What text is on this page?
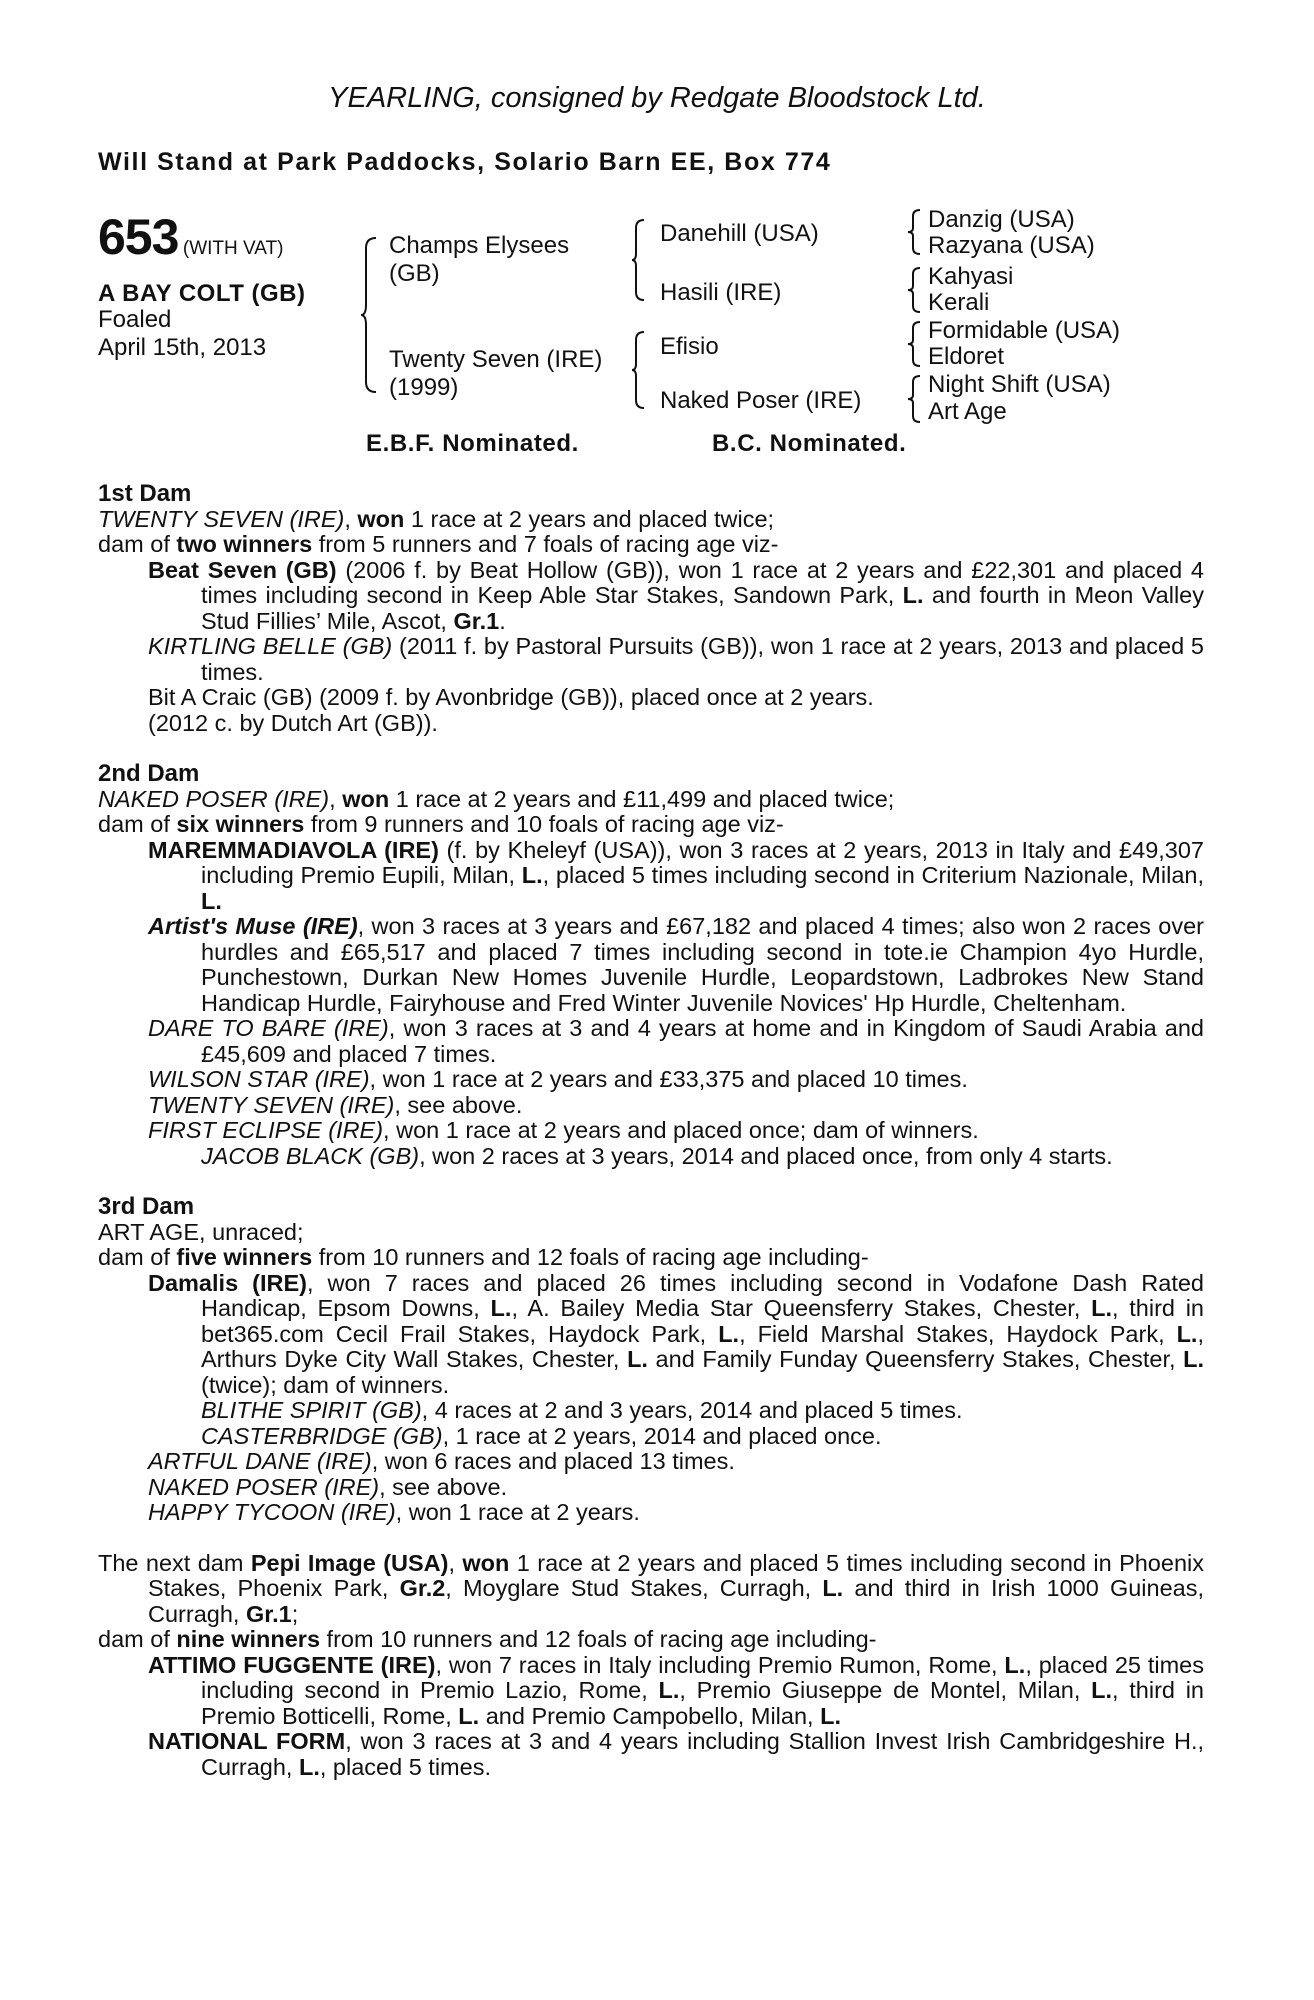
YEARLING, consigned by Redgate Bloodstock Ltd.
Will Stand at Park Paddocks, Solario Barn EE, Box 774
653 (WITH VAT)
A BAY COLT (GB)
Foaled
April 15th, 2013
Champs Elysees
(GB)
Twenty Seven (IRE)
(1999)
Danehill (USA)
Hasili (IRE)
Efisio
Naked Poser (IRE)
Danzig (USA)
Razyana (USA)
Kahyasi
Kerali
Formidable (USA)
Eldoret
Night Shift (USA)
Art Age
E.B.F. Nominated.	B.C. Nominated.

1st Dam

TWENTY SEVEN (IRE), won 1 race at 2 years and placed twice;

dam of two winners from 5 runners and 7 foals of racing age viz-

Beat Seven (GB) (2006 f. by Beat Hollow (GB)), won 1 race at 2 years and £22,301 and placed 4 times including second in Keep Able Star Stakes, Sandown Park, L. and fourth in Meon Valley Stud Fillies’ Mile, Ascot, Gr.1.

KIRTLING BELLE (GB) (2011 f. by Pastoral Pursuits (GB)), won 1 race at 2 years, 2013 and placed 5 times.

Bit A Craic (GB) (2009 f. by Avonbridge (GB)), placed once at 2 years.

(2012 c. by Dutch Art (GB)).

2nd Dam

NAKED POSER (IRE), won 1 race at 2 years and £11,499 and placed twice;

dam of six winners from 9 runners and 10 foals of racing age viz-

MAREMMADIAVOLA (IRE) (f. by Kheleyf (USA)), won 3 races at 2 years, 2013 in Italy and £49,307 including Premio Eupili, Milan, L., placed 5 times including second in Criterium Nazionale, Milan, L.

Artist's Muse (IRE), won 3 races at 3 years and £67,182 and placed 4 times; also won 2 races over hurdles and £65,517 and placed 7 times including second in tote.ie Champion 4yo Hurdle, Punchestown, Durkan New Homes Juvenile Hurdle, Leopardstown, Ladbrokes New Stand Handicap Hurdle, Fairyhouse and Fred Winter Juvenile Novices' Hp Hurdle, Cheltenham.

DARE TO BARE (IRE), won 3 races at 3 and 4 years at home and in Kingdom of Saudi Arabia and £45,609 and placed 7 times.

WILSON STAR (IRE), won 1 race at 2 years and £33,375 and placed 10 times.

TWENTY SEVEN (IRE), see above.

FIRST ECLIPSE (IRE), won 1 race at 2 years and placed once; dam of winners.

JACOB BLACK (GB), won 2 races at 3 years, 2014 and placed once, from only 4 starts.

3rd Dam

ART AGE, unraced;

dam of five winners from 10 runners and 12 foals of racing age including-

Damalis (IRE), won 7 races and placed 26 times including second in Vodafone Dash Rated Handicap, Epsom Downs, L., A. Bailey Media Star Queensferry Stakes, Chester, L., third in bet365.com Cecil Frail Stakes, Haydock Park, L., Field Marshal Stakes, Haydock Park, L., Arthurs Dyke City Wall Stakes, Chester, L. and Family Funday Queensferry Stakes, Chester, L. (twice); dam of winners.

BLITHE SPIRIT (GB), 4 races at 2 and 3 years, 2014 and placed 5 times.

CASTERBRIDGE (GB), 1 race at 2 years, 2014 and placed once.

ARTFUL DANE (IRE), won 6 races and placed 13 times.

NAKED POSER (IRE), see above.

HAPPY TYCOON (IRE), won 1 race at 2 years.

The next dam Pepi Image (USA), won 1 race at 2 years and placed 5 times including second in Phoenix Stakes, Phoenix Park, Gr.2, Moyglare Stud Stakes, Curragh, L. and third in Irish 1000 Guineas, Curragh, Gr.1;

dam of nine winners from 10 runners and 12 foals of racing age including-

ATTIMO FUGGENTE (IRE), won 7 races in Italy including Premio Rumon, Rome, L., placed 25 times including second in Premio Lazio, Rome, L., Premio Giuseppe de Montel, Milan, L., third in Premio Botticelli, Rome, L. and Premio Campobello, Milan, L.

NATIONAL FORM, won 3 races at 3 and 4 years including Stallion Invest Irish Cambridgeshire H., Curragh, L., placed 5 times.
